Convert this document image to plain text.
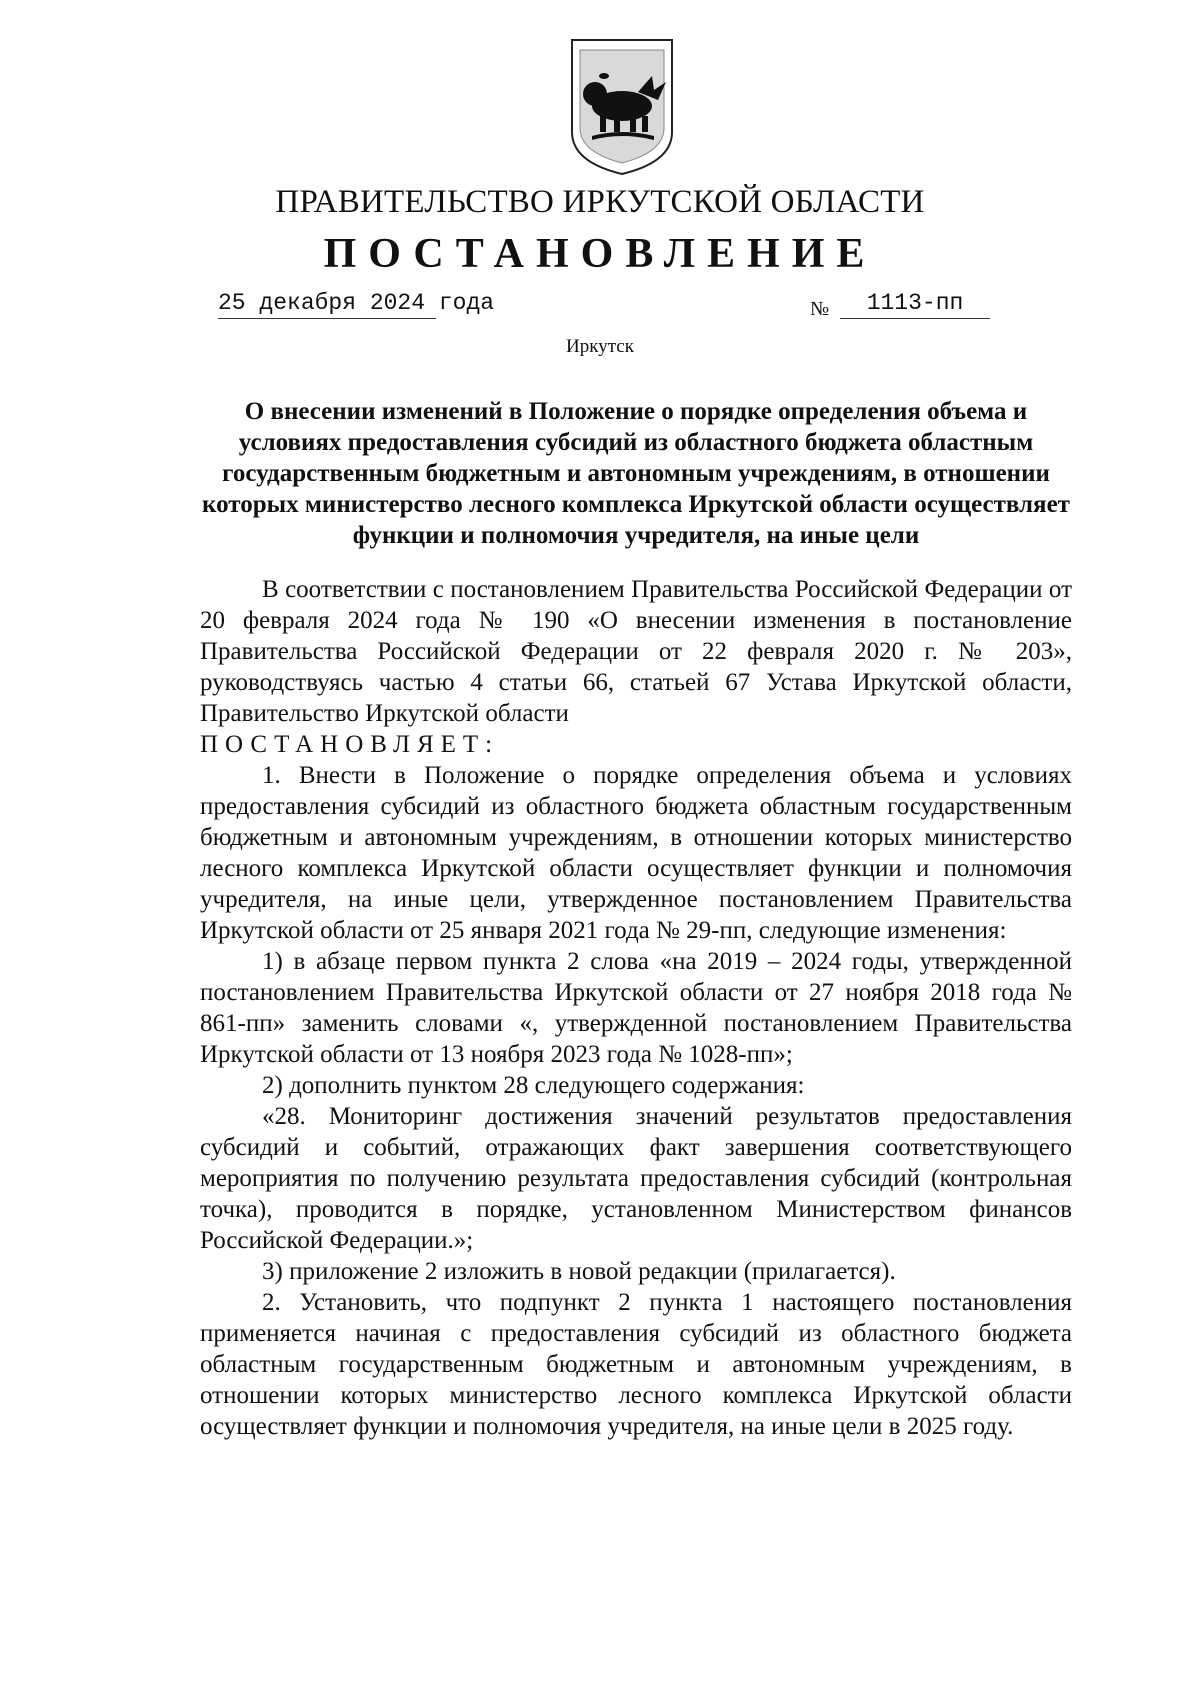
ПРАВИТЕЛЬСТВО ИРКУТСКОЙ ОБЛАСТИ
ПОСТАНОВЛЕНИЕ
25 декабря 2024 года	№	1113-пп
Иркутск
О внесении изменений в Положение о порядке определения объема и условиях предоставления субсидий из областного бюджета областным государственным бюджетным и автономным учреждениям, в отношении которых министерство лесного комплекса Иркутской области осуществляет функции и полномочия учредителя, на иные цели

В соответствии с постановлением Правительства Российской Федерации от 20 февраля 2024 года № 190 «О внесении изменения в постановление Правительства Российской Федерации от 22 февраля 2020 г. № 203», руководствуясь частью 4 статьи 66, статьей 67 Устава Иркутской области, Правительство Иркутской области

ПОСТАНОВЛЯЕТ:

1. Внести в Положение о порядке определения объема и условиях предоставления субсидий из областного бюджета областным государственным бюджетным и автономным учреждениям, в отношении которых министерство лесного комплекса Иркутской области осуществляет функции и полномочия учредителя, на иные цели, утвержденное постановлением Правительства Иркутской области от 25 января 2021 года № 29-пп, следующие изменения:

1) в абзаце первом пункта 2 слова «на 2019 – 2024 годы, утвержденной постановлением Правительства Иркутской области от 27 ноября 2018 года № 861-пп» заменить словами «, утвержденной постановлением Правительства Иркутской области от 13 ноября 2023 года № 1028-пп»;

2) дополнить пунктом 28 следующего содержания:

«28. Мониторинг достижения значений результатов предоставления субсидий и событий, отражающих факт завершения соответствующего мероприятия по получению результата предоставления субсидий (контрольная точка), проводится в порядке, установленном Министерством финансов Российской Федерации.»;

3) приложение 2 изложить в новой редакции (прилагается).

2. Установить, что подпункт 2 пункта 1 настоящего постановления применяется начиная с предоставления субсидий из областного бюджета областным государственным бюджетным и автономным учреждениям, в отношении которых министерство лесного комплекса Иркутской области осуществляет функции и полномочия учредителя, на иные цели в 2025 году.
